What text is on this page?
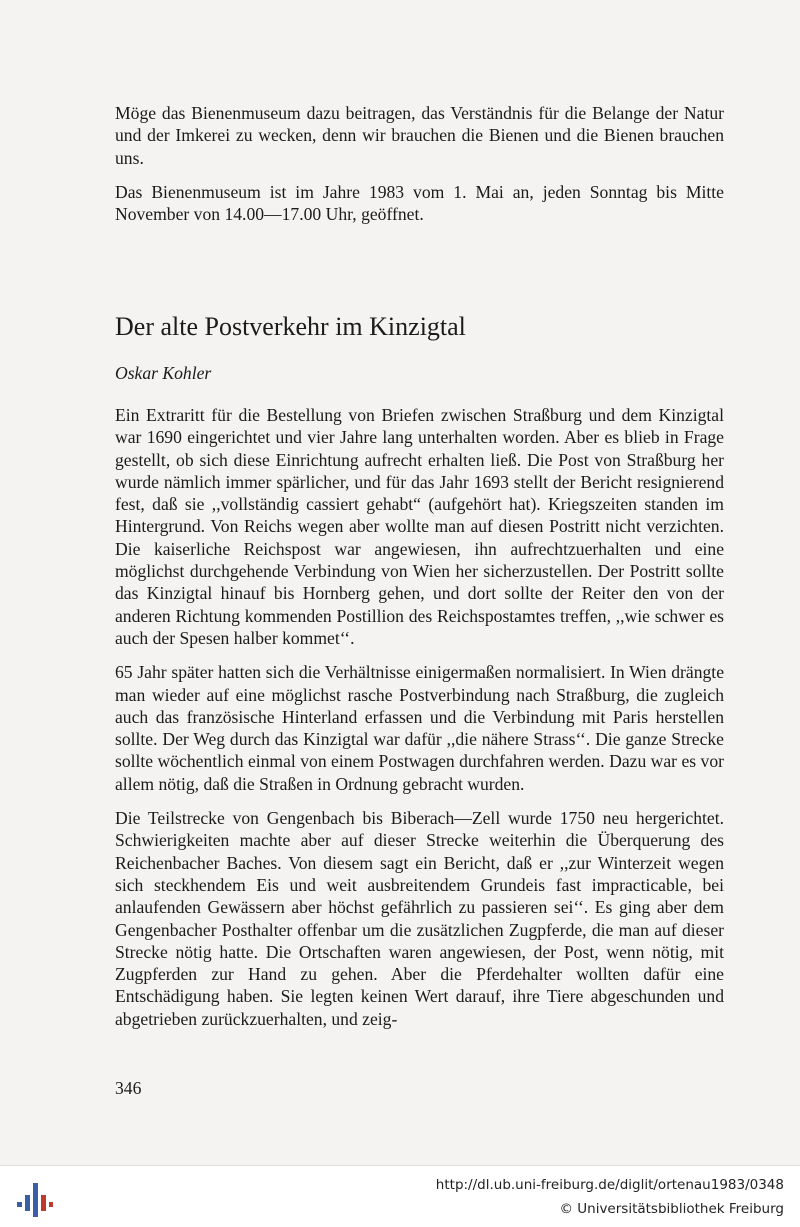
Möge das Bienenmuseum dazu beitragen, das Verständnis für die Belange der Natur und der Imkerei zu wecken, denn wir brauchen die Bienen und die Bienen brauchen uns.

Das Bienenmuseum ist im Jahre 1983 vom 1. Mai an, jeden Sonntag bis Mitte November von 14.00—17.00 Uhr, geöffnet.

Der alte Postverkehr im Kinzigtal

Oskar Kohler

Ein Extraritt für die Bestellung von Briefen zwischen Straßburg und dem Kinzigtal war 1690 eingerichtet und vier Jahre lang unterhalten worden. Aber es blieb in Frage gestellt, ob sich diese Einrichtung aufrecht erhalten ließ. Die Post von Straßburg her wurde nämlich immer spärlicher, und für das Jahr 1693 stellt der Bericht resignierend fest, daß sie ,,vollständig cassiert gehabt“ (aufgehört hat). Kriegszeiten standen im Hintergrund. Von Reichs wegen aber wollte man auf diesen Postritt nicht verzichten. Die kaiserliche Reichspost war angewiesen, ihn aufrechtzuerhalten und eine möglichst durchgehende Verbindung von Wien her sicherzustellen. Der Postritt sollte das Kinzigtal hinauf bis Hornberg gehen, und dort sollte der Reiter den von der anderen Richtung kommenden Postillion des Reichspostamtes treffen, ,,wie schwer es auch der Spesen halber kommet‘‘.

65 Jahr später hatten sich die Verhältnisse einigermaßen normalisiert. In Wien drängte man wieder auf eine möglichst rasche Postverbindung nach Straßburg, die zugleich auch das französische Hinterland erfassen und die Verbindung mit Paris herstellen sollte. Der Weg durch das Kinzigtal war dafür ,,die nähere Strass‘‘. Die ganze Strecke sollte wöchentlich einmal von einem Postwagen durchfahren werden. Dazu war es vor allem nötig, daß die Straßen in Ordnung gebracht wurden.

Die Teilstrecke von Gengenbach bis Biberach—Zell wurde 1750 neu hergerichtet. Schwierigkeiten machte aber auf dieser Strecke weiterhin die Überquerung des Reichenbacher Baches. Von diesem sagt ein Bericht, daß er ,,zur Winterzeit wegen sich steckhendem Eis und weit ausbreitendem Grundeis fast impracticable, bei anlaufenden Gewässern aber höchst gefährlich zu passieren sei‘‘. Es ging aber dem Gengenbacher Posthalter offenbar um die zusätzlichen Zugpferde, die man auf dieser Strecke nötig hatte. Die Ortschaften waren angewiesen, der Post, wenn nötig, mit Zugpferden zur Hand zu gehen. Aber die Pferdehalter wollten dafür eine Entschädigung haben. Sie legten keinen Wert darauf, ihre Tiere abgeschunden und abgetrieben zurückzuerhalten, und zeig-

346

http://dl.ub.uni-freiburg.de/diglit/ortenau1983/0348

© Universitätsbibliothek Freiburg
